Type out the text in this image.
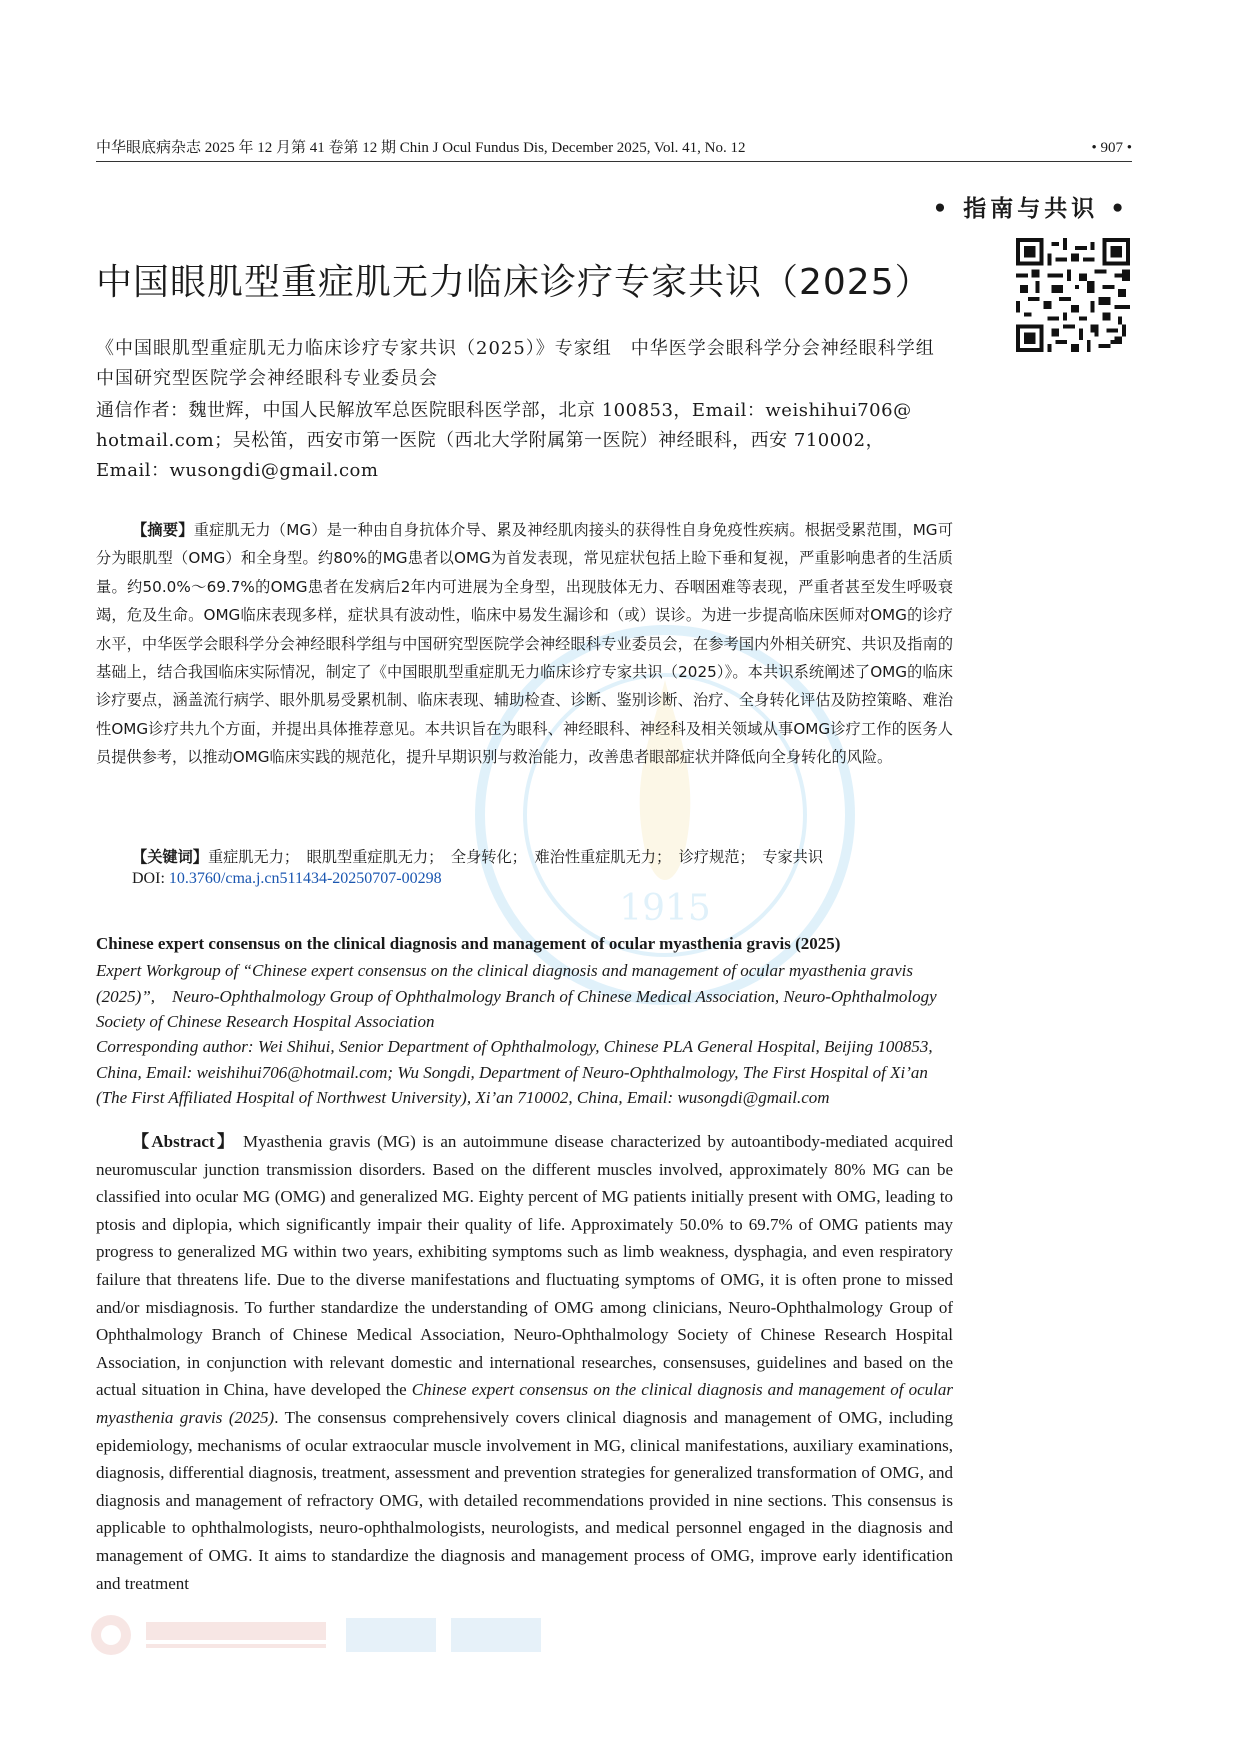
1915
中华眼底病杂志 2025 年 12 月第 41 卷第 12 期 Chin J Ocul Fundus Dis, December 2025, Vol. 41, No. 12	• 907 •
• 指南与共识 •
中国眼肌型重症肌无力临床诊疗专家共识（2025）
《中国眼肌型重症肌无力临床诊疗专家共识（2025）》专家组　中华医学会眼科学分会神经眼科学组　中国研究型医院学会神经眼科专业委员会
通信作者：魏世辉，中国人民解放军总医院眼科医学部，北京 100853，Email：weishihui706@
hotmail.com；吴松笛，西安市第一医院（西北大学附属第一医院）神经眼科，西安 710002，
Email：wusongdi@gmail.com
【摘要】重症肌无力（MG）是一种由自身抗体介导、累及神经肌肉接头的获得性自身免疫性疾病。根据受累范围，MG可分为眼肌型（OMG）和全身型。约80%的MG患者以OMG为首发表现，常见症状包括上睑下垂和复视，严重影响患者的生活质量。约50.0%～69.7%的OMG患者在发病后2年内可进展为全身型，出现肢体无力、吞咽困难等表现，严重者甚至发生呼吸衰竭，危及生命。OMG临床表现多样，症状具有波动性，临床中易发生漏诊和（或）误诊。为进一步提高临床医师对OMG的诊疗水平，中华医学会眼科学分会神经眼科学组与中国研究型医院学会神经眼科专业委员会，在参考国内外相关研究、共识及指南的基础上，结合我国临床实际情况，制定了《中国眼肌型重症肌无力临床诊疗专家共识（2025）》。本共识系统阐述了OMG的临床诊疗要点，涵盖流行病学、眼外肌易受累机制、临床表现、辅助检查、诊断、鉴别诊断、治疗、全身转化评估及防控策略、难治性OMG诊疗共九个方面，并提出具体推荐意见。本共识旨在为眼科、神经眼科、神经科及相关领域从事OMG诊疗工作的医务人员提供参考，以推动OMG临床实践的规范化，提升早期识别与救治能力，改善患者眼部症状并降低向全身转化的风险。
【关键词】重症肌无力；　眼肌型重症肌无力；　全身转化；　难治性重症肌无力；　诊疗规范；　专家共识
DOI: 10.3760/cma.j.cn511434-20250707-00298
Chinese expert consensus on the clinical diagnosis and management of ocular myasthenia gravis (2025)
Expert Workgroup of “Chinese expert consensus on the clinical diagnosis and management of ocular myasthenia gravis (2025)”,　Neuro-Ophthalmology Group of Ophthalmology Branch of Chinese Medical Association, Neuro-Ophthalmology Society of Chinese Research Hospital Association
Corresponding author: Wei Shihui, Senior Department of Ophthalmology, Chinese PLA General Hospital, Beijing 100853, China, Email: weishihui706@hotmail.com; Wu Songdi, Department of Neuro-Ophthalmology, The First Hospital of Xi’an (The First Affiliated Hospital of Northwest University), Xi’an 710002, China, Email: wusongdi@gmail.com
【Abstract】 Myasthenia gravis (MG) is an autoimmune disease characterized by autoantibody-mediated acquired neuromuscular junction transmission disorders. Based on the different muscles involved, approximately 80% MG can be classified into ocular MG (OMG) and generalized MG. Eighty percent of MG patients initially present with OMG, leading to ptosis and diplopia, which significantly impair their quality of life. Approximately 50.0% to 69.7% of OMG patients may progress to generalized MG within two years, exhibiting symptoms such as limb weakness, dysphagia, and even respiratory failure that threatens life. Due to the diverse manifestations and fluctuating symptoms of OMG, it is often prone to missed and/or misdiagnosis. To further standardize the understanding of OMG among clinicians, Neuro-Ophthalmology Group of Ophthalmology Branch of Chinese Medical Association, Neuro-Ophthalmology Society of Chinese Research Hospital Association, in conjunction with relevant domestic and international researches, consensuses, guidelines and based on the actual situation in China, have developed the Chinese expert consensus on the clinical diagnosis and management of ocular myasthenia gravis (2025). The consensus comprehensively covers clinical diagnosis and management of OMG, including epidemiology, mechanisms of ocular extraocular muscle involvement in MG, clinical manifestations, auxiliary examinations, diagnosis, differential diagnosis, treatment, assessment and prevention strategies for generalized transformation of OMG, and diagnosis and management of refractory OMG, with detailed recommendations provided in nine sections. This consensus is applicable to ophthalmologists, neuro-ophthalmologists, neurologists, and medical personnel engaged in the diagnosis and management of OMG. It aims to standardize the diagnosis and management process of OMG, improve early identification and treatment
